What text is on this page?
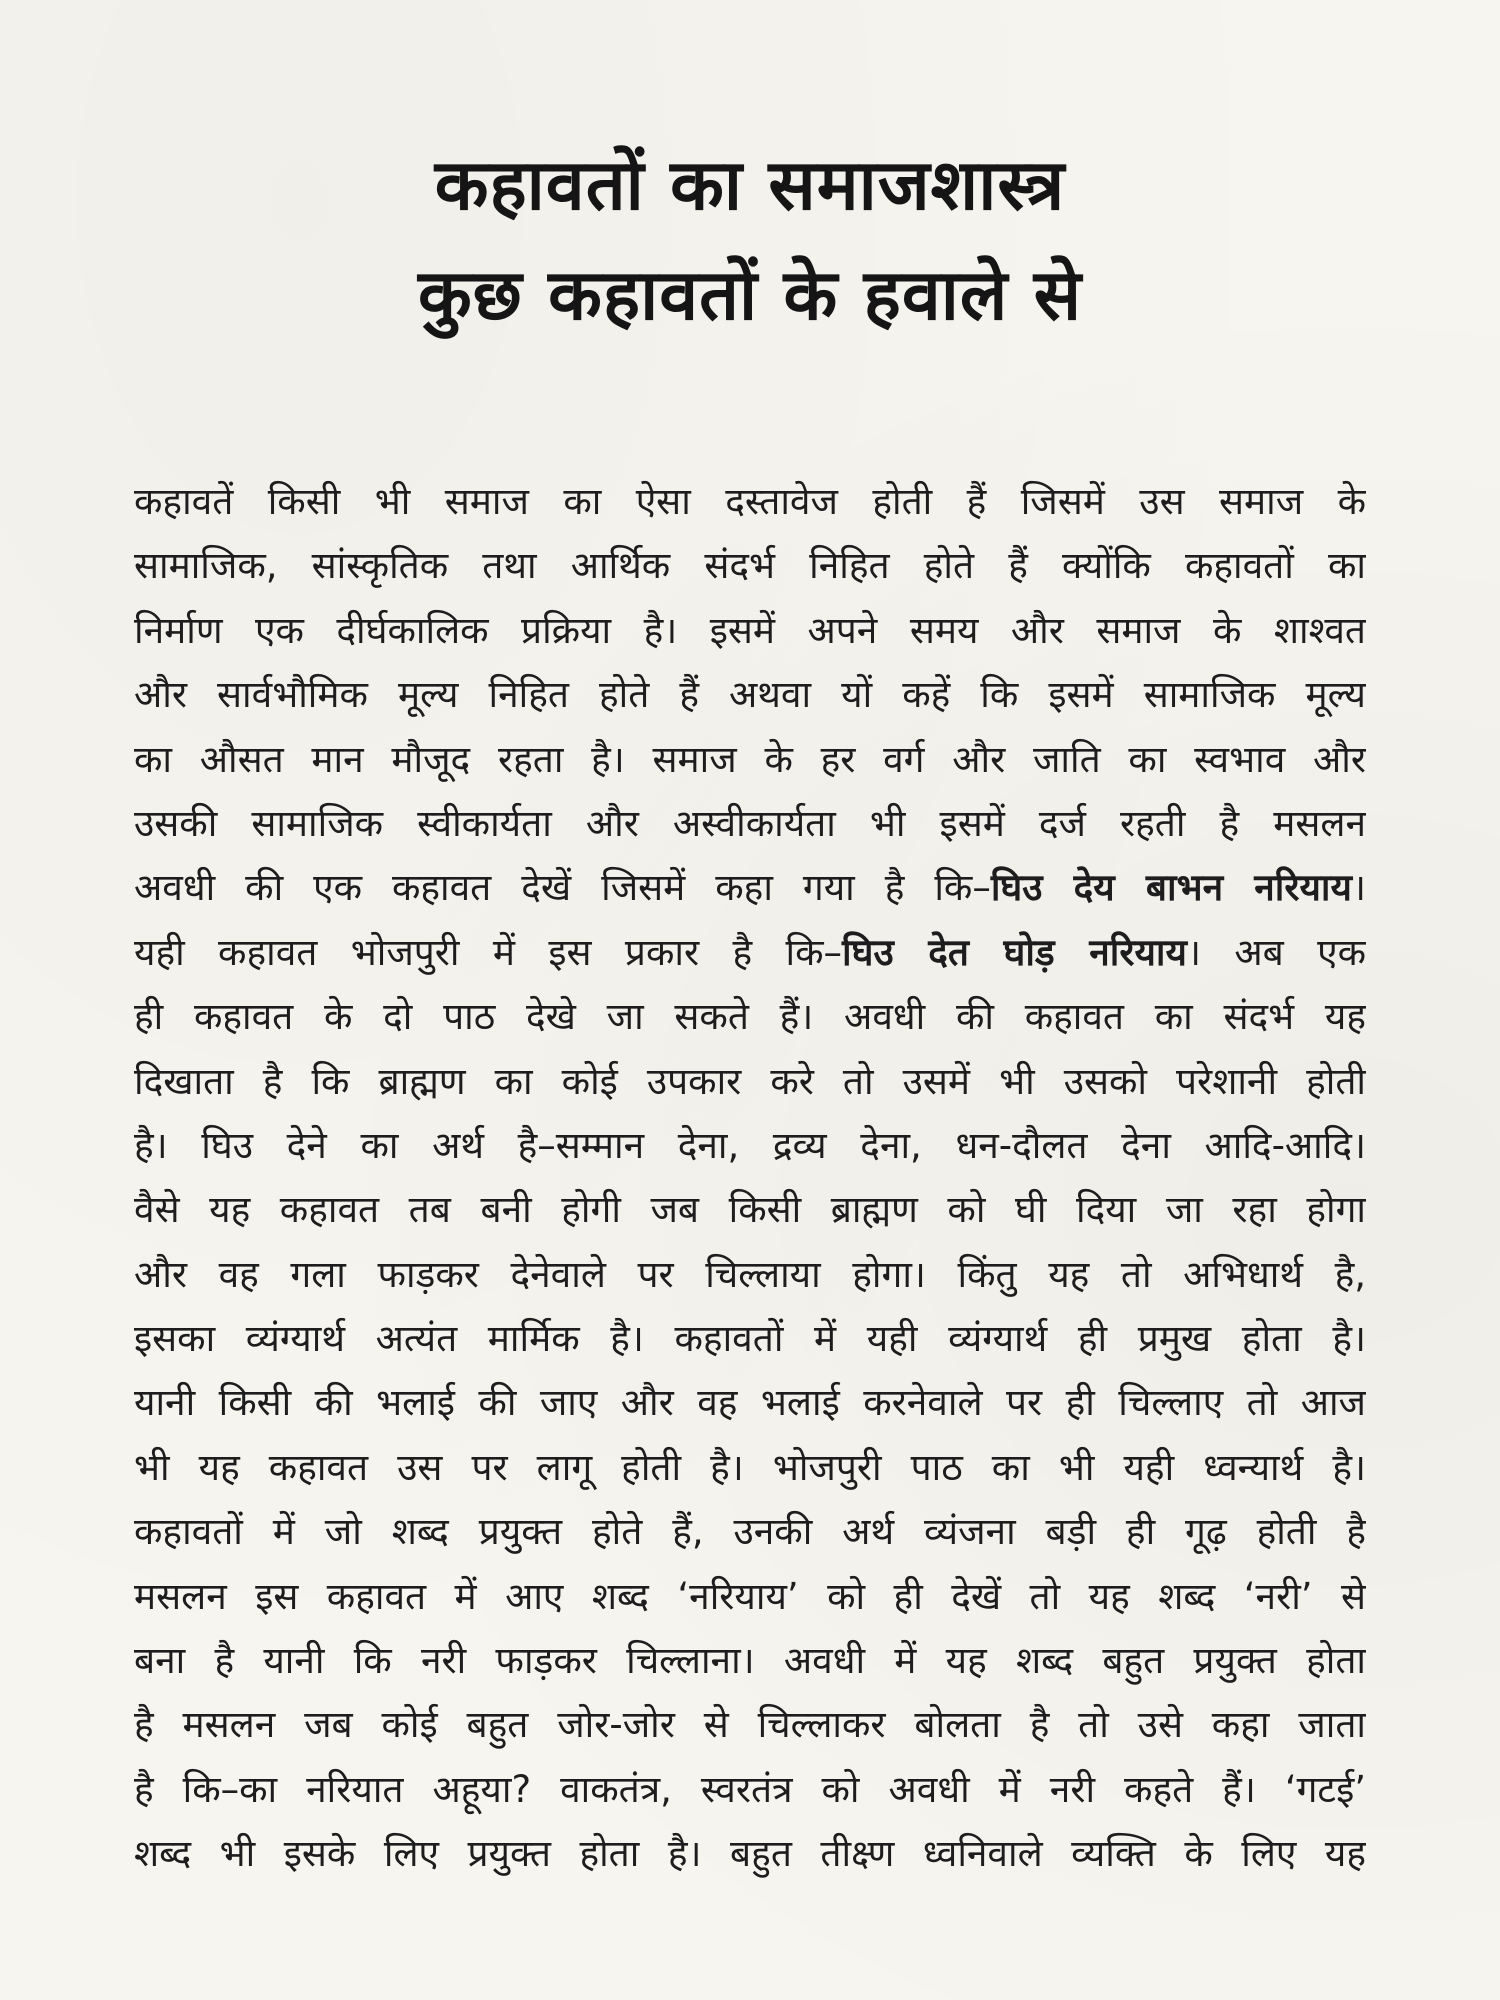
कहावतों का समाजशास्त्र
कुछ कहावतों के हवाले से
कहावतें किसी भी समाज का ऐसा दस्तावेज होती हैं जिसमें उस समाज के
सामाजिक, सांस्कृतिक तथा आर्थिक संदर्भ निहित होते हैं क्योंकि कहावतों का
निर्माण एक दीर्घकालिक प्रक्रिया है। इसमें अपने समय और समाज के शाश्वत
और सार्वभौमिक मूल्य निहित होते हैं अथवा यों कहें कि इसमें सामाजिक मूल्य
का औसत मान मौजूद रहता है। समाज के हर वर्ग और जाति का स्वभाव और
उसकी सामाजिक स्वीकार्यता और अस्वीकार्यता भी इसमें दर्ज रहती है मसलन
अवधी की एक कहावत देखें जिसमें कहा गया है कि–घिउ देय बाभन नरियाय।
यही कहावत भोजपुरी में इस प्रकार है कि–घिउ देत घोड़ नरियाय। अब एक
ही कहावत के दो पाठ देखे जा सकते हैं। अवधी की कहावत का संदर्भ यह
दिखाता है कि ब्राह्मण का कोई उपकार करे तो उसमें भी उसको परेशानी होती
है। घिउ देने का अर्थ है–सम्मान देना, द्रव्य देना, धन-दौलत देना आदि-आदि।
वैसे यह कहावत तब बनी होगी जब किसी ब्राह्मण को घी दिया जा रहा होगा
और वह गला फाड़कर देनेवाले पर चिल्लाया होगा। किंतु यह तो अभिधार्थ है,
इसका व्यंग्यार्थ अत्यंत मार्मिक है। कहावतों में यही व्यंग्यार्थ ही प्रमुख होता है।
यानी किसी की भलाई की जाए और वह भलाई करनेवाले पर ही चिल्लाए तो आज
भी यह कहावत उस पर लागू होती है। भोजपुरी पाठ का भी यही ध्वन्यार्थ है।
कहावतों में जो शब्द प्रयुक्त होते हैं, उनकी अर्थ व्यंजना बड़ी ही गूढ़ होती है
मसलन इस कहावत में आए शब्द ‘नरियाय’ को ही देखें तो यह शब्द ‘नरी’ से
बना है यानी कि नरी फाड़कर चिल्लाना। अवधी में यह शब्द बहुत प्रयुक्त होता
है मसलन जब कोई बहुत जोर-जोर से चिल्लाकर बोलता है तो उसे कहा जाता
है कि–का नरियात अहूया? वाकतंत्र, स्वरतंत्र को अवधी में नरी कहते हैं। ‘गटई’
शब्द भी इसके लिए प्रयुक्त होता है। बहुत तीक्ष्ण ध्वनिवाले व्यक्ति के लिए यह
